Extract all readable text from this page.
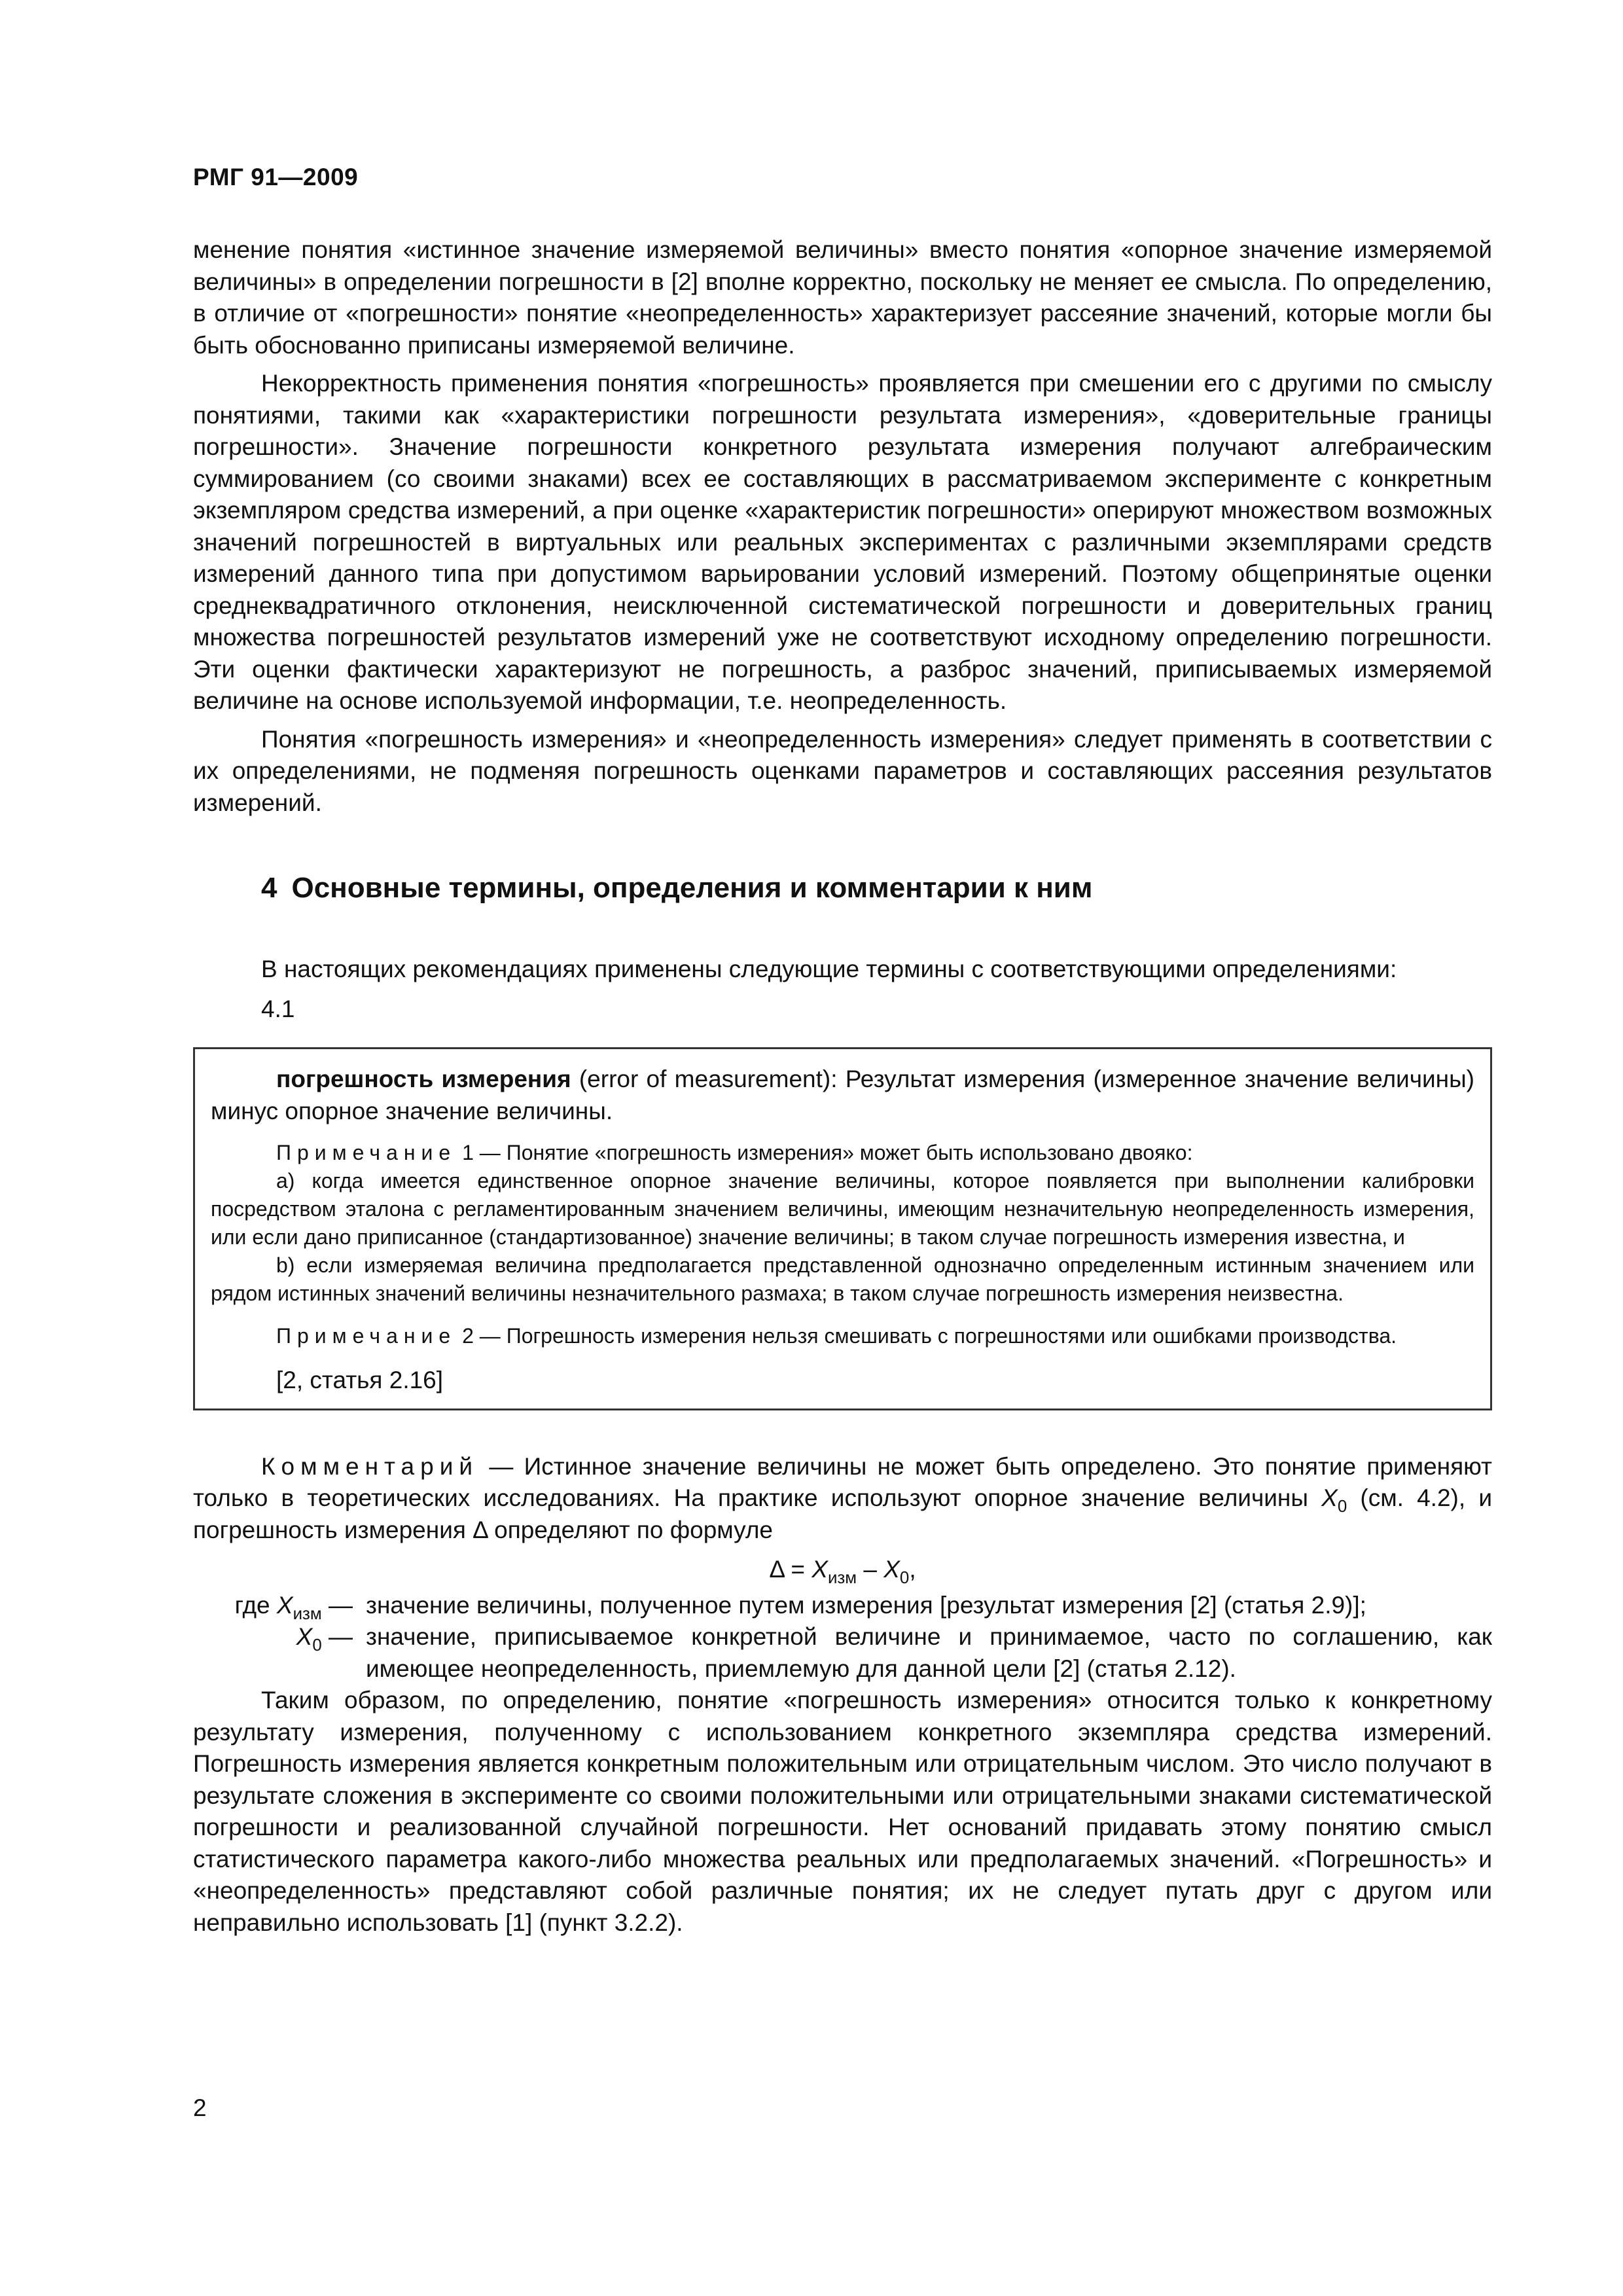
РМГ 91—2009

менение понятия «истинное значение измеряемой величины» вместо понятия «опорное значение измеряемой величины» в определении погрешности в [2] вполне корректно, поскольку не меняет ее смысла. По определению, в отличие от «погрешности» понятие «неопределенность» характеризует рассеяние значений, которые могли бы быть обоснованно приписаны измеряемой величине.

Некорректность применения понятия «погрешность» проявляется при смешении его с другими по смыслу понятиями, такими как «характеристики погрешности результата измерения», «доверительные границы погрешности». Значение погрешности конкретного результата измерения получают алгебраическим суммированием (со своими знаками) всех ее составляющих в рассматриваемом эксперименте с конкретным экземпляром средства измерений, а при оценке «характеристик погрешности» оперируют множеством возможных значений погрешностей в виртуальных или реальных экспериментах с различными экземплярами средств измерений данного типа при допустимом варьировании условий измерений. Поэтому общепринятые оценки среднеквадратичного отклонения, неисключенной систематической погрешности и доверительных границ множества погрешностей результатов измерений уже не соответствуют исходному определению погрешности. Эти оценки фактически характеризуют не погрешность, а разброс значений, приписываемых измеряемой величине на основе используемой информации, т.е. неопределенность.

Понятия «погрешность измерения» и «неопределенность измерения» следует применять в соответствии с их определениями, не подменяя погрешность оценками параметров и составляющих рассеяния результатов измерений.

4 Основные термины, определения и комментарии к ним

В настоящих рекомендациях применены следующие термины с соответствующими определениями:

4.1

погрешность измерения (error of measurement): Результат измерения (измеренное значение величины) минус опорное значение величины.

Примечание 1 — Понятие «погрешность измерения» может быть использовано двояко:

a) когда имеется единственное опорное значение величины, которое появляется при выполнении калибровки посредством эталона с регламентированным значением величины, имеющим незначительную неопределенность измерения, или если дано приписанное (стандартизованное) значение величины; в таком случае погрешность измерения известна, и

b) если измеряемая величина предполагается представленной однозначно определенным истинным значением или рядом истинных значений величины незначительного размаха; в таком случае погрешность измерения неизвестна.

Примечание 2 — Погрешность измерения нельзя смешивать с погрешностями или ошибками производства.

[2, статья 2.16]

Комментарий — Истинное значение величины не может быть определено. Это понятие применяют только в теоретических исследованиях. На практике используют опорное значение величины $X_0$ (см. 4.2), и погрешность измерения Δ определяют по формуле

$\Delta = X_{изм} - X_0$,

где $X_{изм}$ — значение величины, полученное путем измерения [результат измерения [2] (статья 2.9)];
$X_0$ — значение, приписываемое конкретной величине и принимаемое, часто по соглашению, как имеющее неопределенность, приемлемую для данной цели [2] (статья 2.12).

Таким образом, по определению, понятие «погрешность измерения» относится только к конкретному результату измерения, полученному с использованием конкретного экземпляра средства измерений. Погрешность измерения является конкретным положительным или отрицательным числом. Это число получают в результате сложения в эксперименте со своими положительными или отрицательными знаками систематической погрешности и реализованной случайной погрешности. Нет оснований придавать этому понятию смысл статистического параметра какого-либо множества реальных или предполагаемых значений. «Погрешность» и «неопределенность» представляют собой различные понятия; их не следует путать друг с другом или неправильно использовать [1] (пункт 3.2.2).

2
